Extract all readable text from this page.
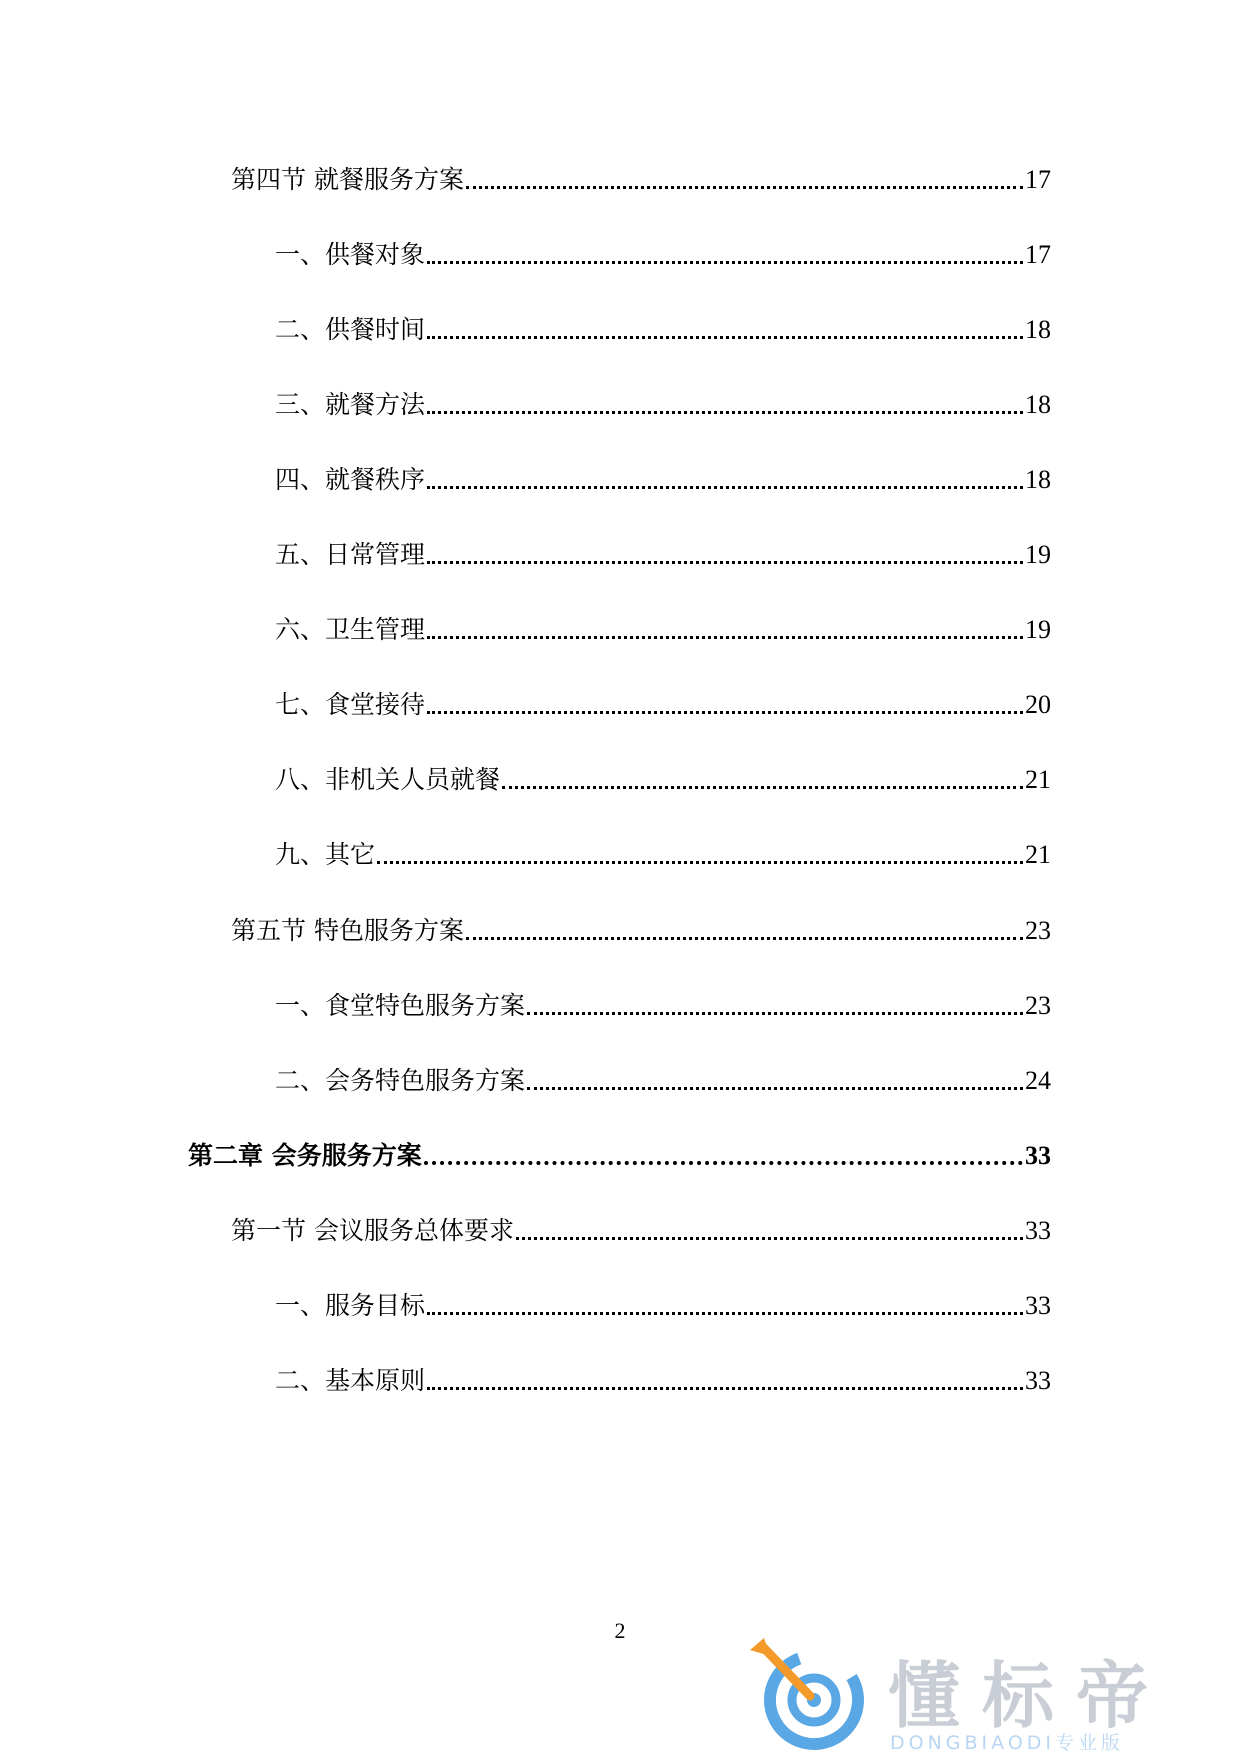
第四节 就餐服务方案	17
一、供餐对象	17
二、供餐时间	18
三、就餐方法	18
四、就餐秩序	18
五、日常管理	19
六、卫生管理	19
七、食堂接待	20
八、非机关人员就餐	21
九、其它	21
第五节 特色服务方案	23
一、食堂特色服务方案	23
二、会务特色服务方案	24
第二章 会务服务方案	33
第一节 会议服务总体要求	33
一、服务目标	33
二、基本原则	33
2
懂标帝
DONGBIAODI专业版
